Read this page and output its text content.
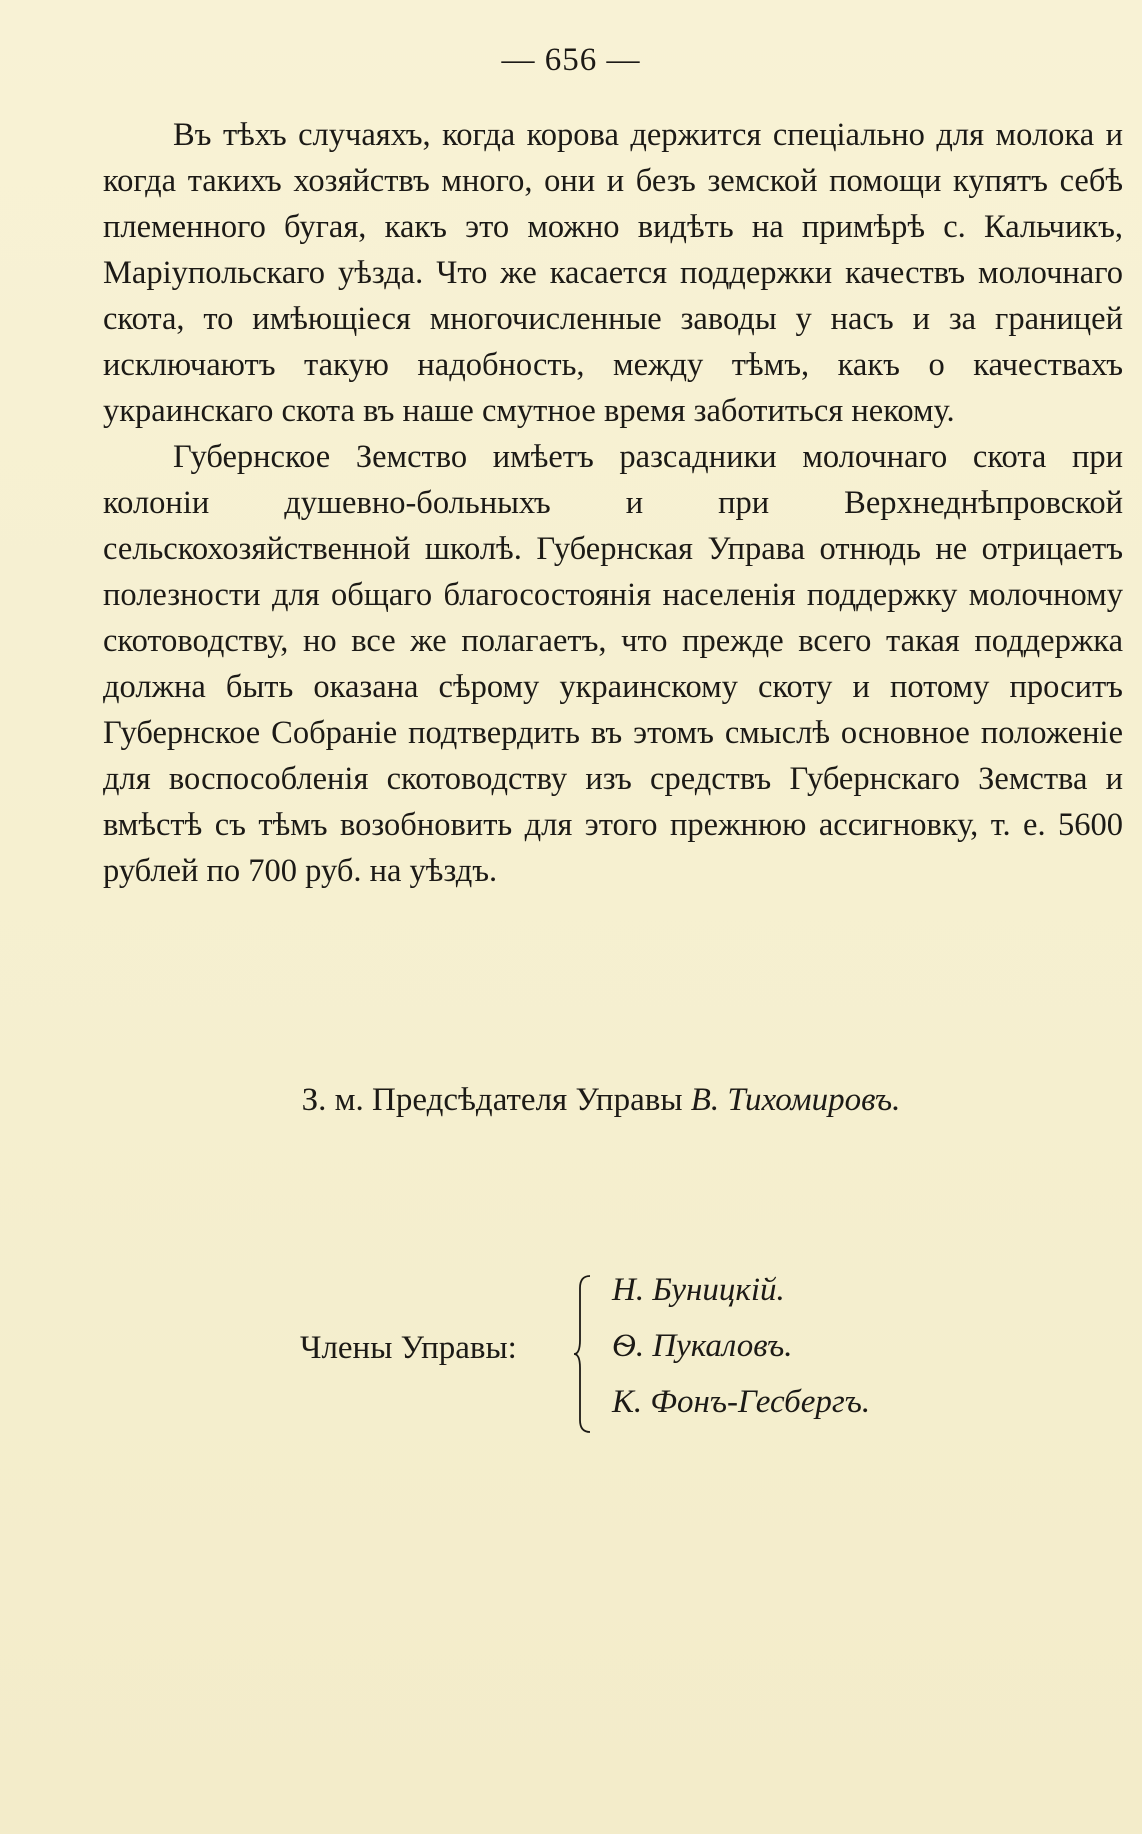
— 656 —

Въ тѣхъ случаяхъ, когда корова держится спеціально для молока и когда такихъ хозяйствъ много, они и безъ земской помощи купятъ себѣ племенного бугая, какъ это можно видѣть на примѣрѣ с. Кальчикъ, Маріупольскаго уѣзда. Что же касается поддержки качествъ молочнаго скота, то имѣющіеся многочисленные заводы у насъ и за границей исключаютъ такую надобность, между тѣмъ, какъ о качествахъ украинскаго скота въ наше смутное время заботиться некому.

Губернское Земство имѣетъ разсадники молочнаго скота при колоніи душевно-больныхъ и при Верхнеднѣпровской сельскохозяйственной школѣ. Губернская Управа отнюдь не отрицаетъ полезности для общаго благосостоянія населенія поддержку молочному скотоводству, но все же полагаетъ, что прежде всего такая поддержка должна быть оказана сѣрому украинскому скоту и потому проситъ Губернское Собраніе подтвердить въ этомъ смыслѣ основное положеніе для воспособленія скотоводству изъ средствъ Губернскаго Земства и вмѣстѣ съ тѣмъ возобновить для этого прежнюю ассигновку, т. е. 5600 рублей по 700 руб. на уѣздъ.

З. м. Предсѣдателя Управы В. Тихомировъ.
Члены Управы:
Н. Буницкій.
Ѳ. Пукаловъ.
К. Фонъ-Гесбергъ.
